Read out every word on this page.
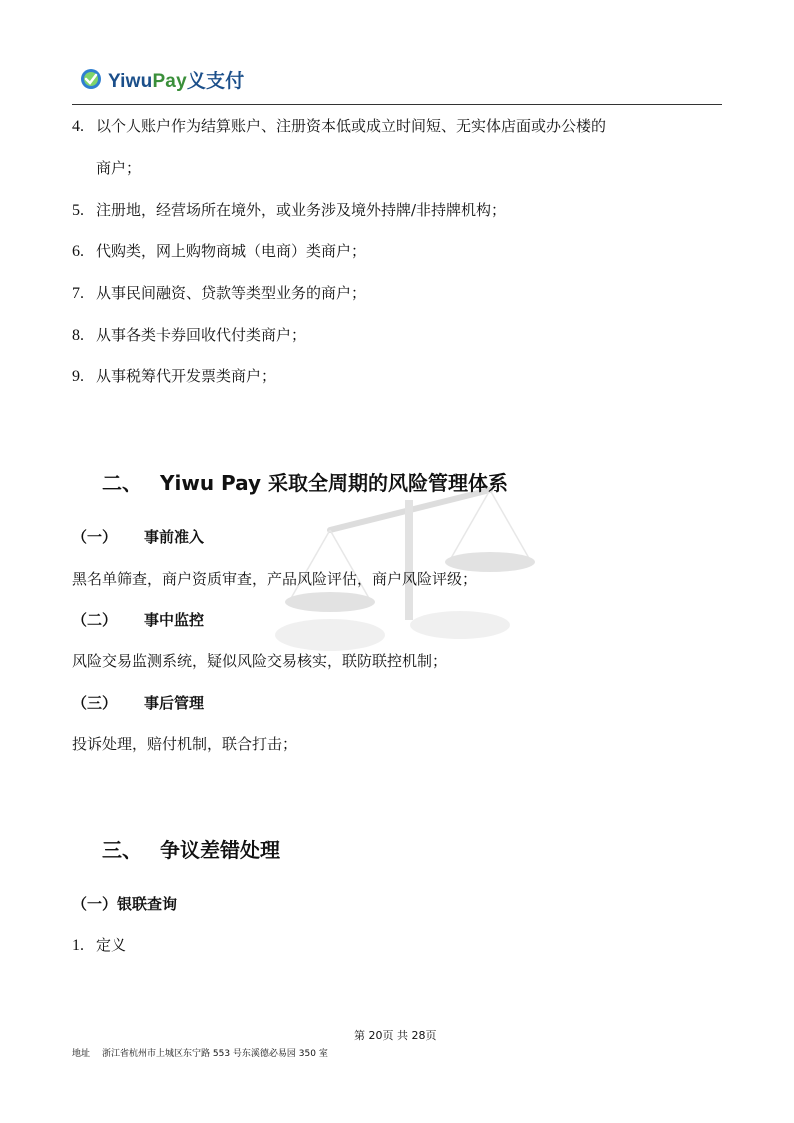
YiwuPay义支付
4. 以个人账户作为结算账户、注册资本低或成立时间短、无实体店面或办公楼的
商户；
5. 注册地，经营场所在境外，或业务涉及境外持牌/非持牌机构；
6. 代购类，网上购物商城（电商）类商户；
7. 从事民间融资、贷款等类型业务的商户；
8. 从事各类卡券回收代付类商户；
9. 从事税筹代开发票类商户；
二、 Yiwu Pay 采取全周期的风险管理体系
（一） 事前准入
黑名单筛查，商户资质审查，产品风险评估，商户风险评级；
（二） 事中监控
风险交易监测系统，疑似风险交易核实，联防联控机制；
（三） 事后管理
投诉处理，赔付机制，联合打击；
三、 争议差错处理
（一）银联查询
1. 定义
第 20页 共 28页
地址 浙江省杭州市上城区东宁路 553 号东溪德必易园 350 室
